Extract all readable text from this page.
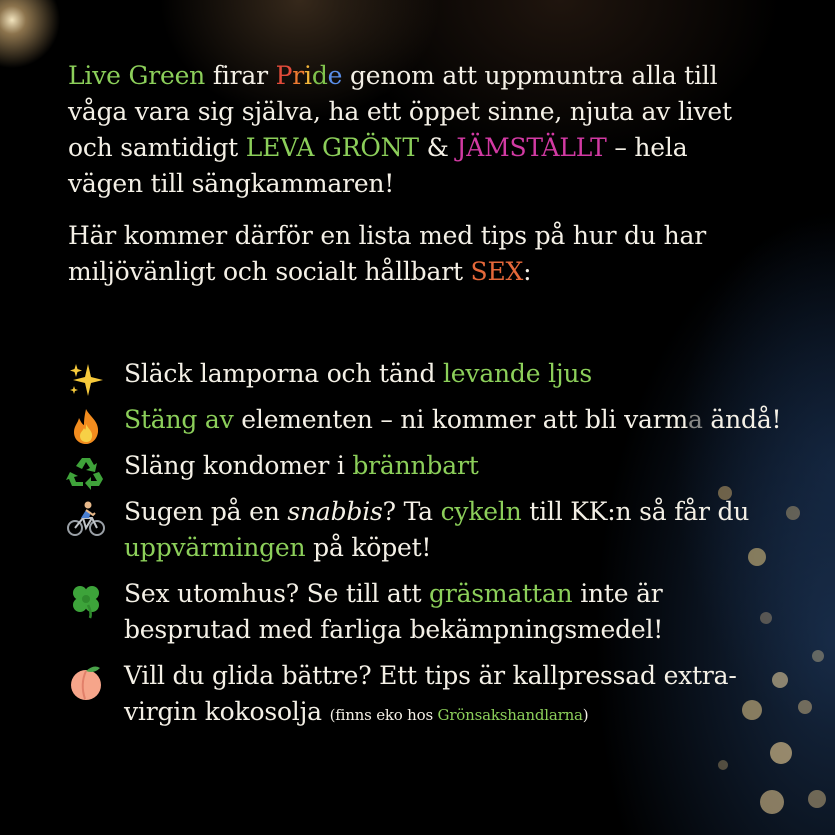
Live Green firar Pride genom att uppmuntra alla till våga vara sig själva, ha ett öppet sinne, njuta av livet och samtidigt LEVA GRÖNT & JÄMSTÄLLT – hela vägen till sängkammaren!

Här kommer därför en lista med tips på hur du har miljövänligt och socialt hållbart SEX:

Släck lamporna och tänd levande ljus
Stäng av elementen – ni kommer att bli varma ändå!
Släng kondomer i brännbart
Sugen på en snabbis? Ta cykeln till KK:n så får du uppvärmingen på köpet!
Sex utomhus? Se till att gräsmattan inte är besprutad med farliga bekämpningsmedel!
Vill du glida bättre? Ett tips är kallpressad extra-virgin kokosolja (finns eko hos Grönsakshandlarna)
